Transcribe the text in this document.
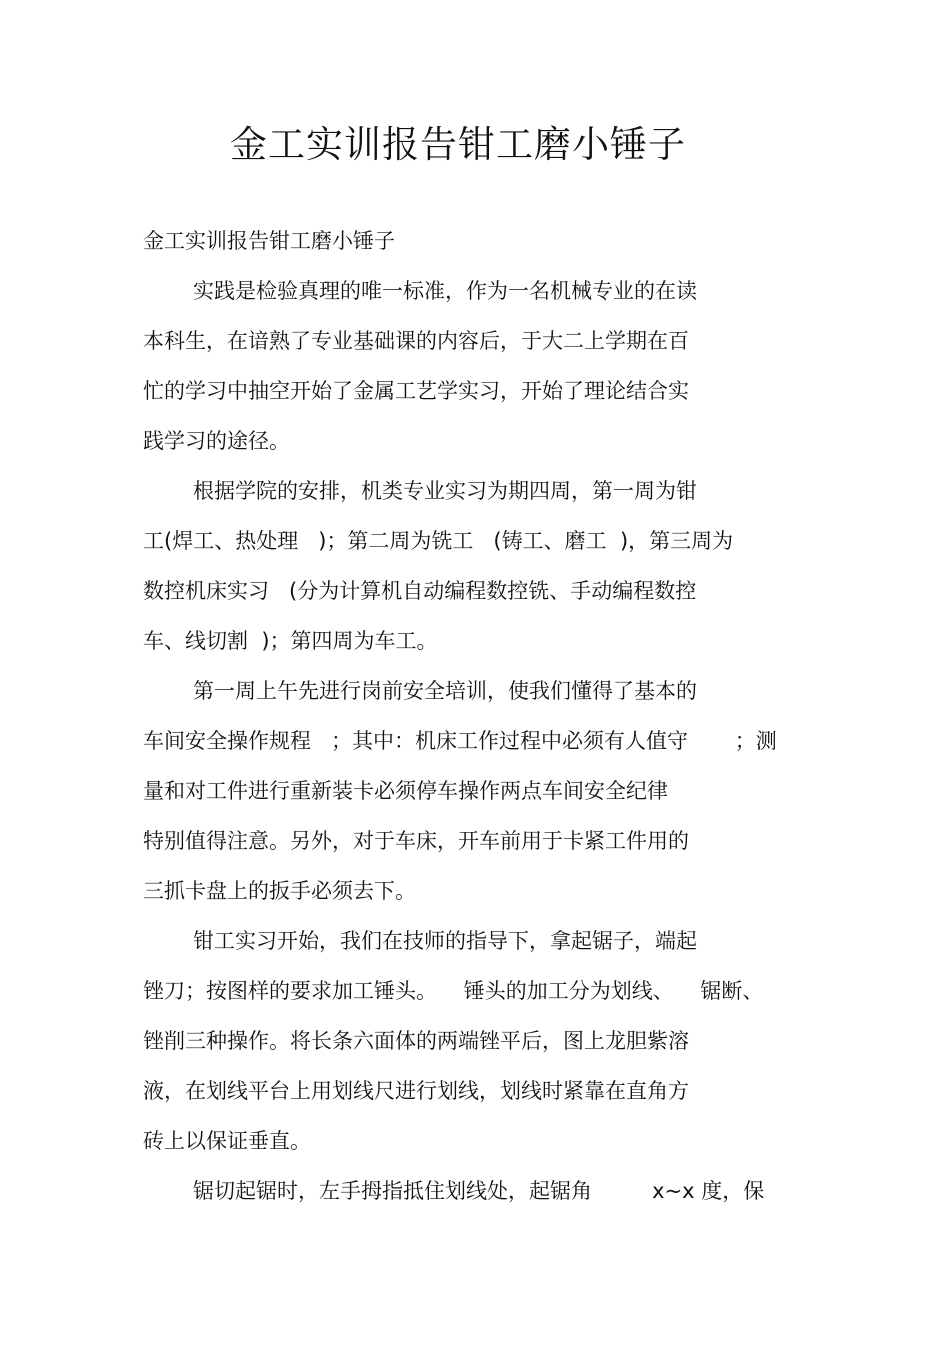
金工实训报告钳工磨小锤子

金工实训报告钳工磨小锤子

实践是检验真理的唯一标准，作为一名机械专业的在读

本科生，在谙熟了专业基础课的内容后，于大二上学期在百

忙的学习中抽空开始了金属工艺学实习，开始了理论结合实

践学习的途径。

根据学院的安排，机类专业实习为期四周，第一周为钳

工(焊工、热处理   )；第二周为铣工   (铸工、磨工  )，第三周为

数控机床实习   (分为计算机自动编程数控铣、手动编程数控

车、线切割  )；第四周为车工。

第一周上午先进行岗前安全培训，使我们懂得了基本的

车间安全操作规程   ；其中：机床工作过程中必须有人值守       ；测

量和对工件进行重新装卡必须停车操作两点车间安全纪律

特别值得注意。另外，对于车床，开车前用于卡紧工件用的

三抓卡盘上的扳手必须去下。

钳工实习开始，我们在技师的指导下，拿起锯子，端起

锉刀；按图样的要求加工锤头。    锤头的加工分为划线、    锯断、

锉削三种操作。将长条六面体的两端锉平后，图上龙胆紫溶

液，在划线平台上用划线尺进行划线，划线时紧靠在直角方

砖上以保证垂直。

锯切起锯时，左手拇指抵住划线处，起锯角         x~x 度，保
